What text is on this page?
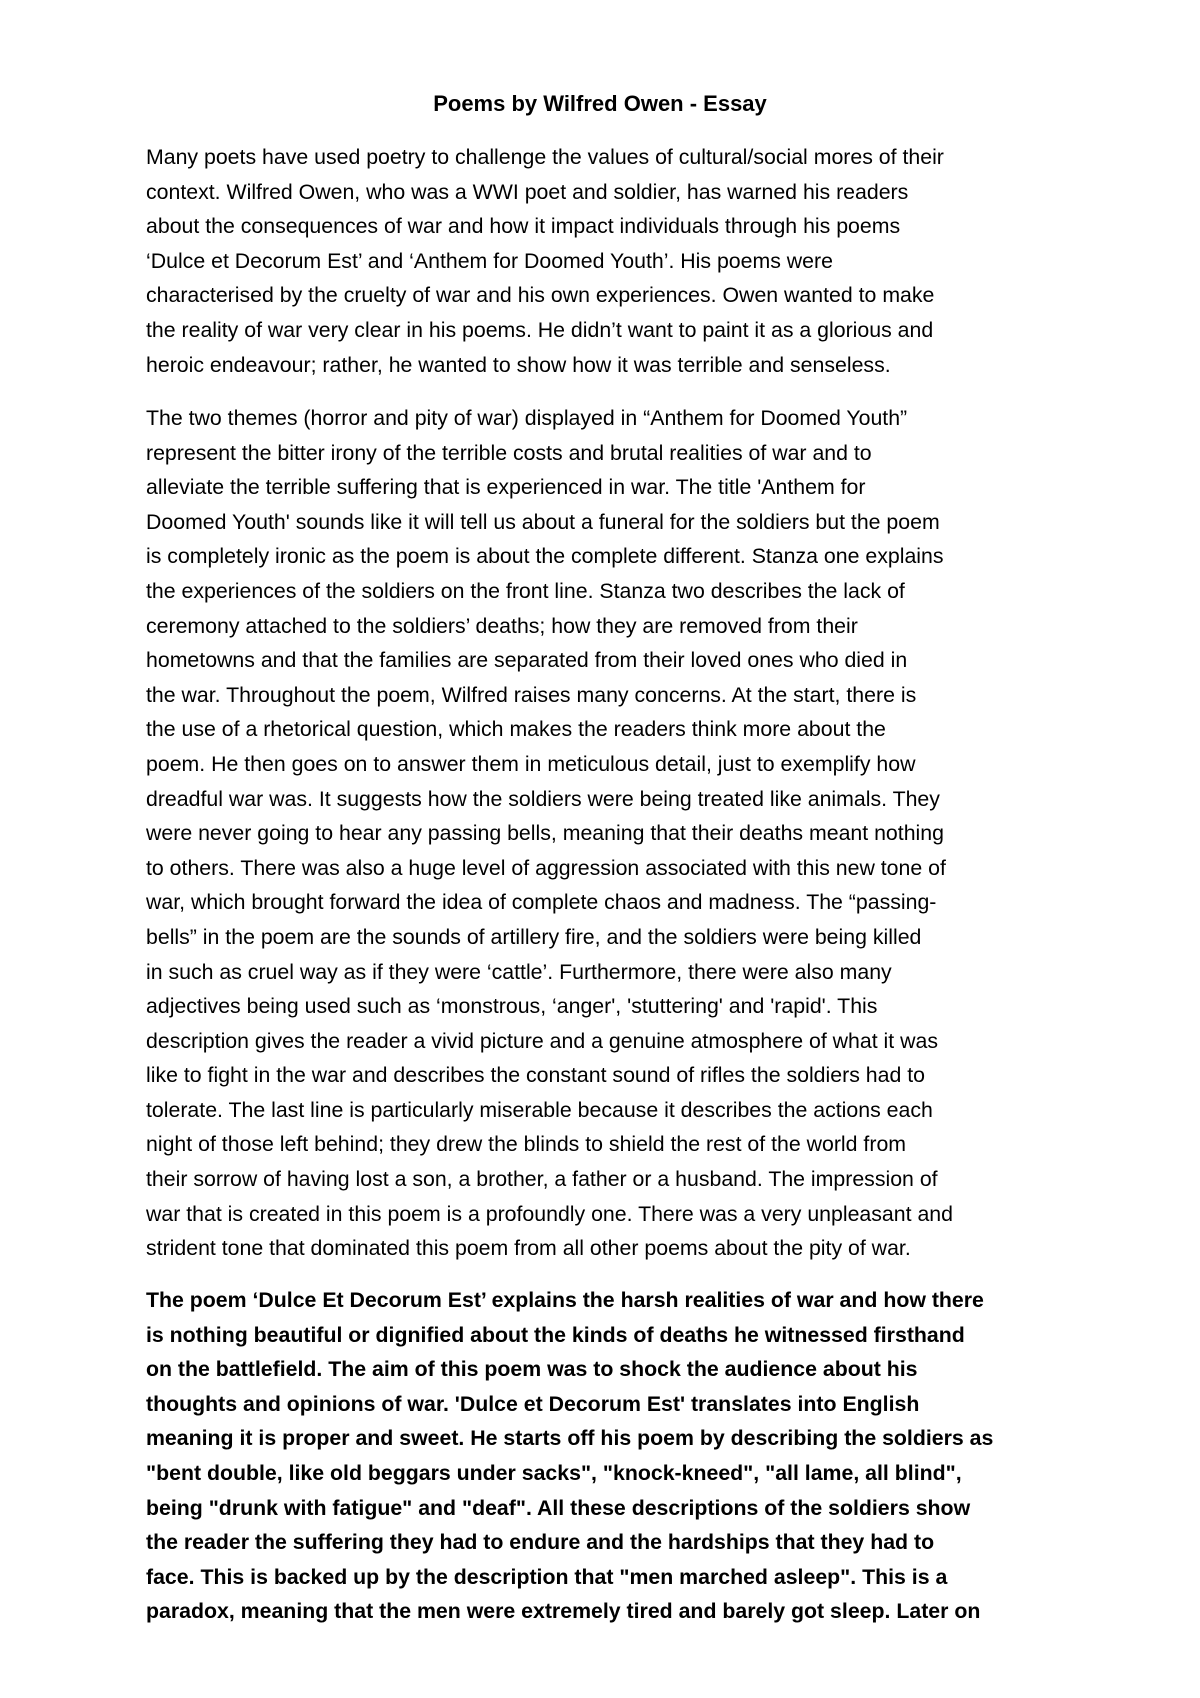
Poems by Wilfred Owen - Essay
Many poets have used poetry to challenge the values of cultural/social mores of their
context. Wilfred Owen, who was a WWI poet and soldier, has warned his readers
about the consequences of war and how it impact individuals through his poems
‘Dulce et Decorum Est’ and ‘Anthem for Doomed Youth’. His poems were
characterised by the cruelty of war and his own experiences. Owen wanted to make
the reality of war very clear in his poems. He didn’t want to paint it as a glorious and
heroic endeavour; rather, he wanted to show how it was terrible and senseless.
The two themes (horror and pity of war) displayed in “Anthem for Doomed Youth”
represent the bitter irony of the terrible costs and brutal realities of war and to
alleviate the terrible suffering that is experienced in war. The title 'Anthem for
Doomed Youth' sounds like it will tell us about a funeral for the soldiers but the poem
is completely ironic as the poem is about the complete different. Stanza one explains
the experiences of the soldiers on the front line. Stanza two describes the lack of
ceremony attached to the soldiers’ deaths; how they are removed from their
hometowns and that the families are separated from their loved ones who died in
the war. Throughout the poem, Wilfred raises many concerns. At the start, there is
the use of a rhetorical question, which makes the readers think more about the
poem. He then goes on to answer them in meticulous detail, just to exemplify how
dreadful war was. It suggests how the soldiers were being treated like animals. They
were never going to hear any passing bells, meaning that their deaths meant nothing
to others. There was also a huge level of aggression associated with this new tone of
war, which brought forward the idea of complete chaos and madness. The “passing-
bells” in the poem are the sounds of artillery fire, and the soldiers were being killed
in such as cruel way as if they were ‘cattle’. Furthermore, there were also many
adjectives being used such as ‘monstrous, ‘anger', 'stuttering' and 'rapid'. This
description gives the reader a vivid picture and a genuine atmosphere of what it was
like to fight in the war and describes the constant sound of rifles the soldiers had to
tolerate. The last line is particularly miserable because it describes the actions each
night of those left behind; they drew the blinds to shield the rest of the world from
their sorrow of having lost a son, a brother, a father or a husband. The impression of
war that is created in this poem is a profoundly one. There was a very unpleasant and
strident tone that dominated this poem from all other poems about the pity of war.
The poem ‘Dulce Et Decorum Est’ explains the harsh realities of war and how there
is nothing beautiful or dignified about the kinds of deaths he witnessed firsthand
on the battlefield. The aim of this poem was to shock the audience about his
thoughts and opinions of war. 'Dulce et Decorum Est' translates into English
meaning it is proper and sweet. He starts off his poem by describing the soldiers as
"bent double, like old beggars under sacks", "knock-kneed", "all lame, all blind",
being "drunk with fatigue" and "deaf". All these descriptions of the soldiers show
the reader the suffering they had to endure and the hardships that they had to
face. This is backed up by the description that "men marched asleep". This is a
paradox, meaning that the men were extremely tired and barely got sleep. Later on
